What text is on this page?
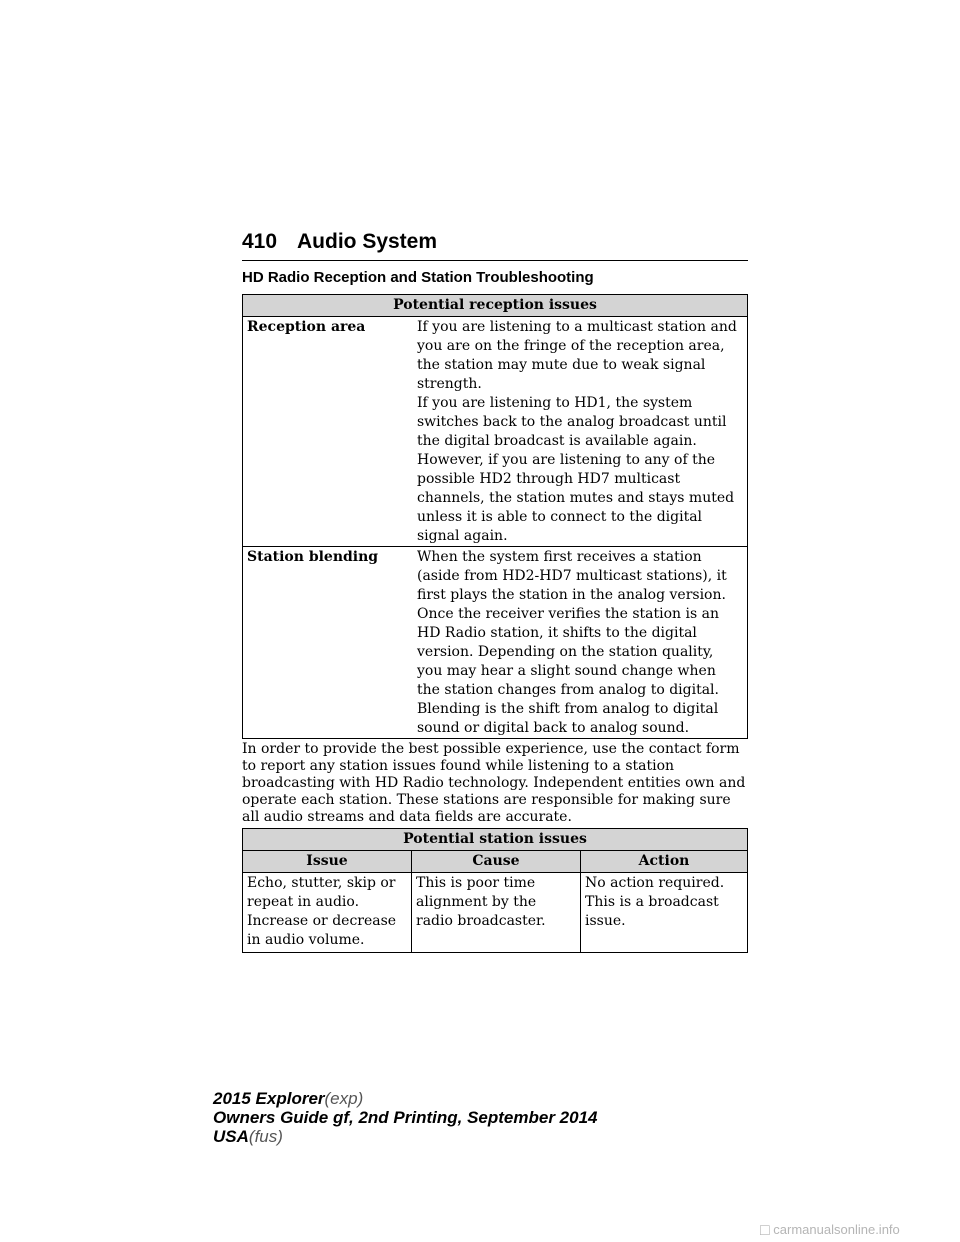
410 Audio System
HD Radio Reception and Station Troubleshooting
Potential reception issues	
Reception area	If you are listening to a multicast station and you are on the fringe of the reception area, the station may mute due to weak signal strength.
If you are listening to HD1, the system switches back to the analog broadcast until the digital broadcast is available again. However, if you are listening to any of the possible HD2 through HD7 multicast channels, the station mutes and stays muted unless it is able to connect to the digital signal again.

Station blending	When the system first receives a station (aside from HD2-HD7 multicast stations), it first plays the station in the analog version. Once the receiver verifies the station is an HD Radio station, it shifts to the digital version. Depending on the station quality, you may hear a slight sound change when the station changes from analog to digital. Blending is the shift from analog to digital sound or digital back to analog sound.

In order to provide the best possible experience, use the contact form to report any station issues found while listening to a station broadcasting with HD Radio technology. Independent entities own and operate each station. These stations are responsible for making sure all audio streams and data fields are accurate.

Potential station issues		
Issue	Cause	Action

Echo, stutter, skip or repeat in audio.
Increase or decrease in audio volume.	This is poor time alignment by the radio broadcaster.	No action required. This is a broadcast issue.
2015 Explorer(exp)
Owners Guide gf, 2nd Printing, September 2014
USA(fus)
□ carmanualsonline.info
